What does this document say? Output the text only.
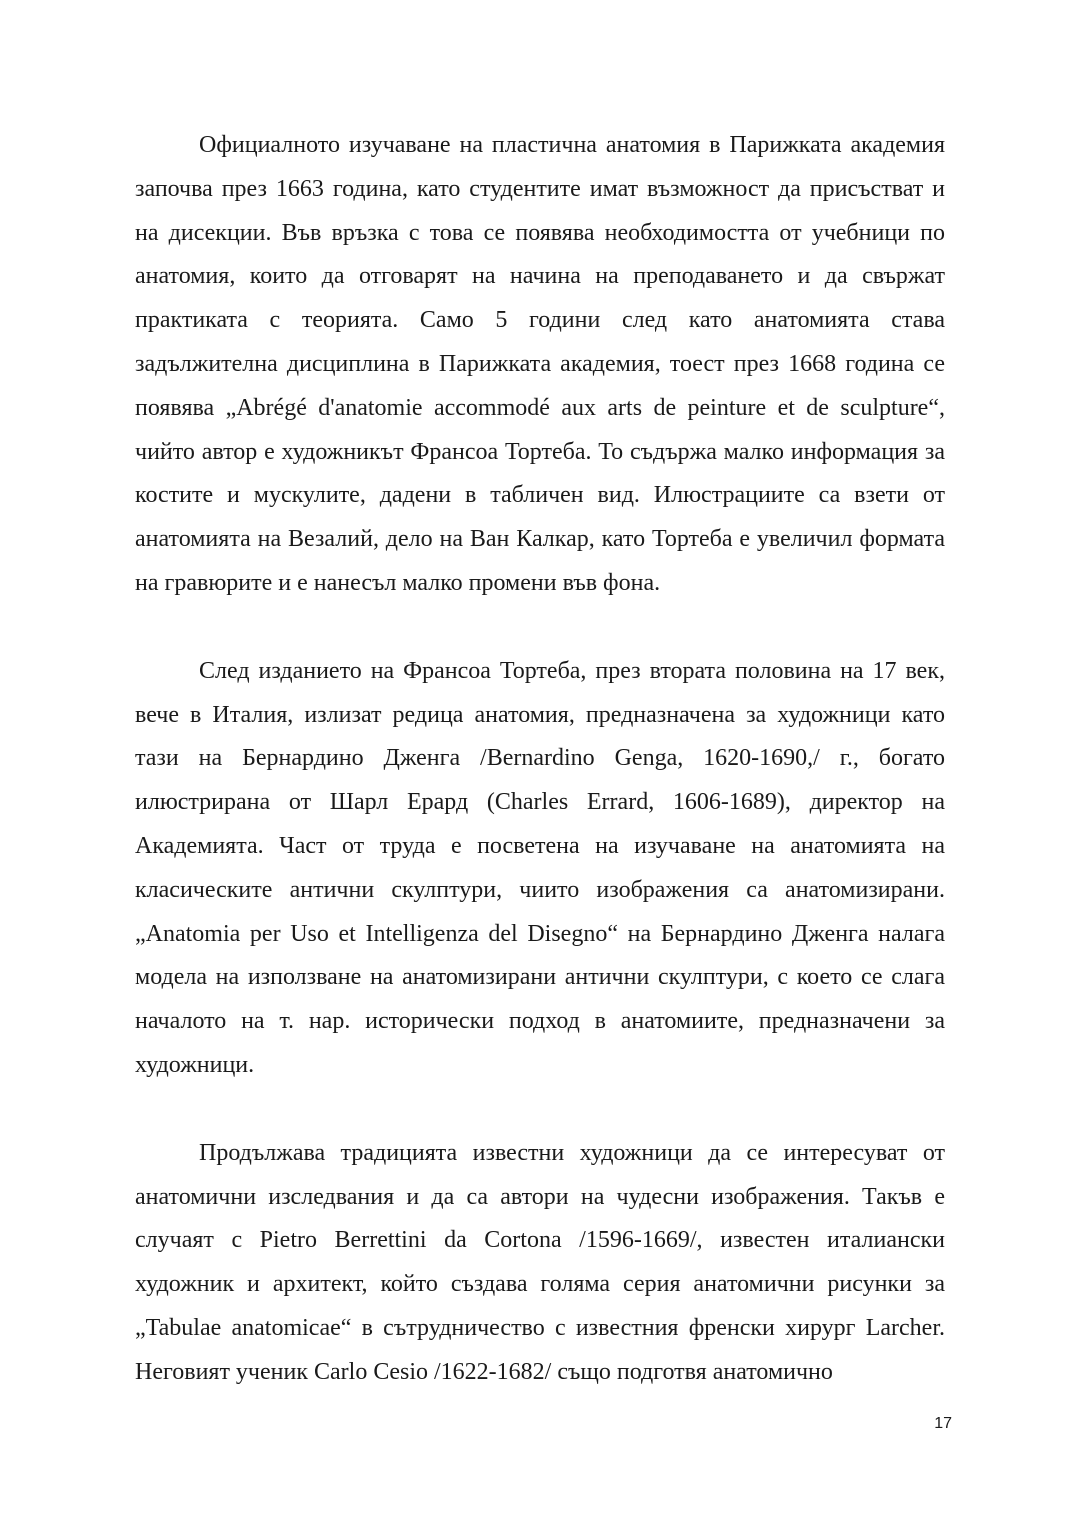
Официалното изучаване на пластична анатомия в Парижката академия започва през 1663 година, като студентите имат възможност да присъстват и на дисекции. Във връзка с това се появява необходимостта от учебници по анатомия, които да отговарят на начина на преподаването и да свържат практиката с теорията. Само 5 години след като анатомията става задължителна дисциплина в Парижката академия, тоест през 1668 година се появява „Abrégé d'anatomie accommodé aux arts de peinture et de sculpture“, чийто автор е художникът Франсоа Тортеба. То съдържа малко информация за костите и мускулите, дадени в табличен вид. Илюстрациите са взети от анатомията на Везалий, дело на Ван Калкар, като Тортеба е увеличил формата на гравюрите и е нанесъл малко промени във фона.

След изданието на Франсоа Тортеба, през втората половина на 17 век, вече в Италия, излизат редица анатомия, предназначена за художници като тази на Бернардино Дженга /Bernardino Genga, 1620-1690,/ г., богато илюстрирана от Шарл Ерард (Charles Errard, 1606-1689), директор на Академията. Част от труда е посветена на изучаване на анатомията на класическите антични скулптури, чиито изображения са анатомизирани. „Anatomia per Uso et Intelligenza del Disegno“ на Бернардино Дженга налага модела на използване на анатомизирани антични скулптури, с което се слага началото на т. нар. исторически подход в анатомиите, предназначени за художници.

Продължава традицията известни художници да се интересуват от анатомични изследвания и да са автори на чудесни изображения. Такъв е случаят с Pietro Berrettini da Cortona /1596-1669/, известен италиански художник и архитект, който създава голяма серия анатомични рисунки за „Tabulae anatomicae“ в сътрудничество с известния френски хирург Larcher. Неговият ученик Carlo Cesio /1622-1682/ също подготвя анатомично

17
